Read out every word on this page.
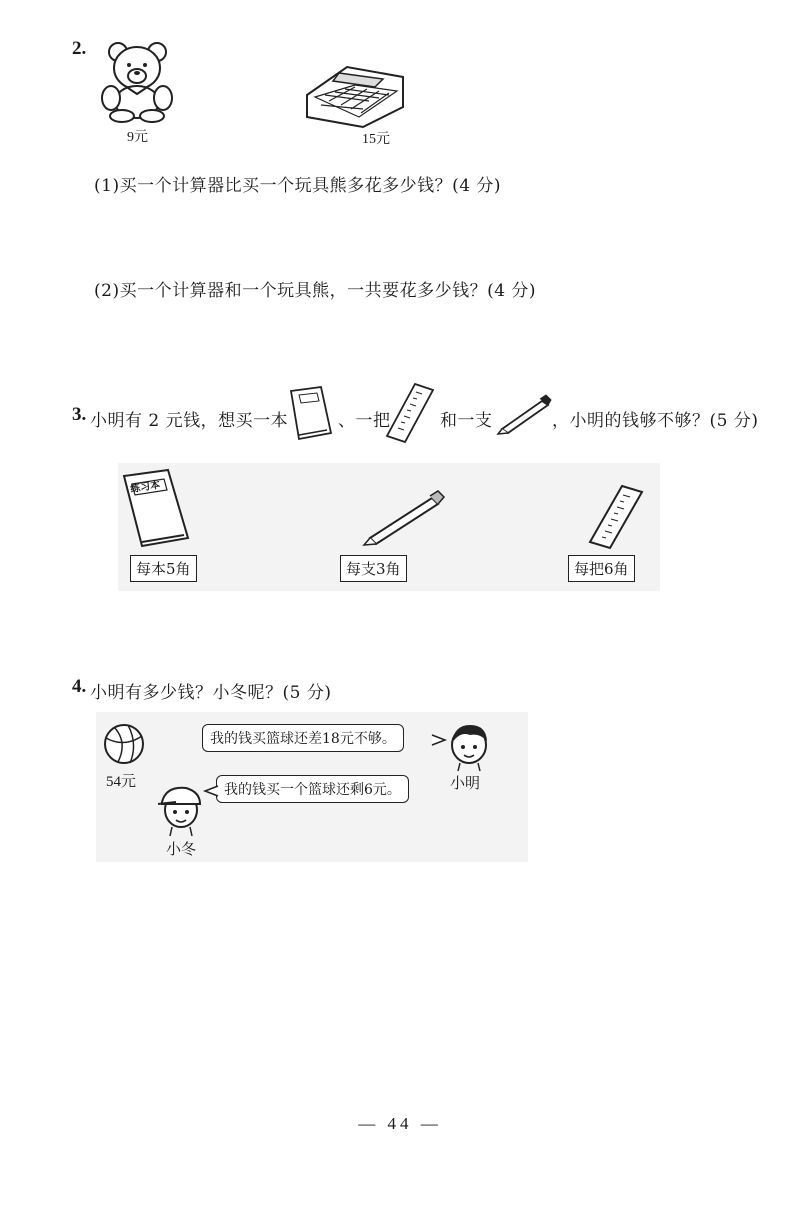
2.
9元	15元
(1)买一个计算器比买一个玩具熊多花多少钱？(4 分)
(2)买一个计算器和一个玩具熊，一共要花多少钱？(4 分)
3. 小明有 2 元钱，想买一本	、一把	和一支	，小明的钱够不够？(5 分)
练习本
每本5角	每支3角	每把6角
4. 小明有多少钱？小冬呢？(5 分)
54元
我的钱买篮球还差18元不够。
小明
我的钱买一个篮球还剩6元。
小冬
— 44 —
